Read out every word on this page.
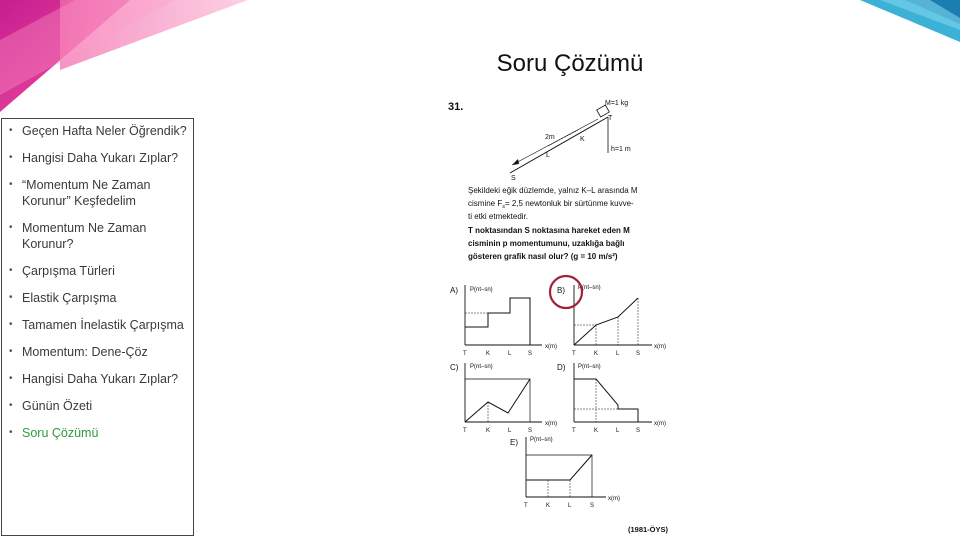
Soru Çözümü
• Geçen Hafta Neler Öğrendik?
• Hangisi Daha Yukarı Zıplar?
• “Momentum Ne Zaman Korunur” Keşfedelim
• Momentum Ne Zaman Korunur?
• Çarpışma Türleri
• Elastik Çarpışma
• Tamamen İnelastik Çarpışma
• Momentum: Dene-Çöz
• Hangisi Daha Yukarı Zıplar?
• Günün Özeti
• Soru Çözümü
31.	M=1 kg
T
2m	K
L
h=1 m
S
Şekildeki eğik düzlemde, yalnız K–L arasında M
cismine $F_s= 2,5$ newtonluk bir sürtünme kuvve-
ti etki etmektedir.
T noktasından S noktasına hareket eden M
cisminin p momentumunu, uzaklığa bağlı
gösteren grafik nasıl olur? (g = 10 m/s²)
A) P(nt–sn)
x(m)
T	K	L	S
B) P(nt–sn)
x(m)
T	K	L	S
C) P(nt–sn)
x(m)
T	K	L	S
D) P(nt–sn)
x(m)
T	K	L	S
E) P(nt–sn)
x(m)
T	K	L	S
(1981-ÖYS)
